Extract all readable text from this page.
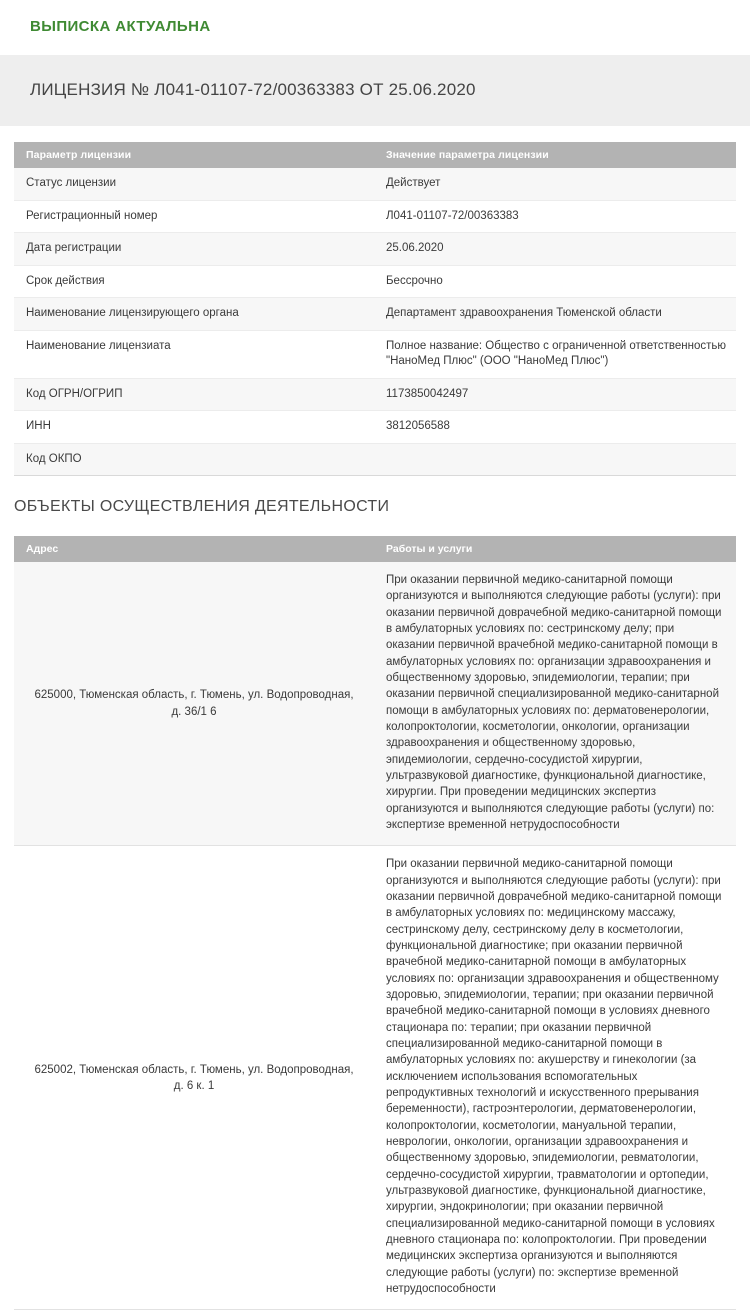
ВЫПИСКА АКТУАЛЬНА
ЛИЦЕНЗИЯ № Л041-01107-72/00363383 ОТ 25.06.2020
Параметр лицензии	Значение параметра лицензии
Статус лицензии	Действует
Регистрационный номер	Л041-01107-72/00363383
Дата регистрации	25.06.2020
Срок действия	Бессрочно
Наименование лицензирующего органа	Департамент здравоохранения Тюменской области
Наименование лицензиата	Полное название: Общество с ограниченной ответственностью "НаноМед Плюс" (ООО "НаноМед Плюс")
Код ОГРН/ОГРИП	1173850042497
ИНН	3812056588
Код ОКПО	
ОБЪЕКТЫ ОСУЩЕСТВЛЕНИЯ ДЕЯТЕЛЬНОСТИ
Адрес	Работы и услуги
625000, Тюменская область, г. Тюмень, ул. Водопроводная, д. 36/1 6	При оказании первичной медико-санитарной помощи организуются и выполняются следующие работы (услуги): при оказании первичной доврачебной медико-санитарной помощи в амбулаторных условиях по: сестринскому делу; при оказании первичной врачебной медико-санитарной помощи в амбулаторных условиях по: организации здравоохранения и общественному здоровью, эпидемиологии, терапии; при оказании первичной специализированной медико-санитарной помощи в амбулаторных условиях по: дерматовенерологии, колопроктологии, косметологии, онкологии, организации здравоохранения и общественному здоровью, эпидемиологии, сердечно-сосудистой хирургии, ультразвуковой диагностике, функциональной диагностике, хирургии. При проведении медицинских экспертиз организуются и выполняются следующие работы (услуги) по: экспертизе временной нетрудоспособности
625002, Тюменская область, г. Тюмень, ул. Водопроводная, д. 6 к. 1	При оказании первичной медико-санитарной помощи организуются и выполняются следующие работы (услуги): при оказании первичной доврачебной медико-санитарной помощи в амбулаторных условиях по: медицинскому массажу, сестринскому делу, сестринскому делу в косметологии, функциональной диагностике; при оказании первичной врачебной медико-санитарной помощи в амбулаторных условиях по: организации здравоохранения и общественному здоровью, эпидемиологии, терапии; при оказании первичной врачебной медико-санитарной помощи в условиях дневного стационара по: терапии; при оказании первичной специализированной медико-санитарной помощи в амбулаторных условиях по: акушерству и гинекологии (за исключением использования вспомогательных репродуктивных технологий и искусственного прерывания беременности), гастроэнтерологии, дерматовенерологии, колопроктологии, косметологии, мануальной терапии, неврологии, онкологии, организации здравоохранения и общественному здоровью, эпидемиологии, ревматологии, сердечно-сосудистой хирургии, травматологии и ортопедии, ультразвуковой диагностике, функциональной диагностике, хирургии, эндокринологии; при оказании первичной специализированной медико-санитарной помощи в условиях дневного стационара по: колопроктологии. При проведении медицинских экспертиза организуются и выполняются следующие работы (услуги) по: экспертизе временной нетрудоспособности
